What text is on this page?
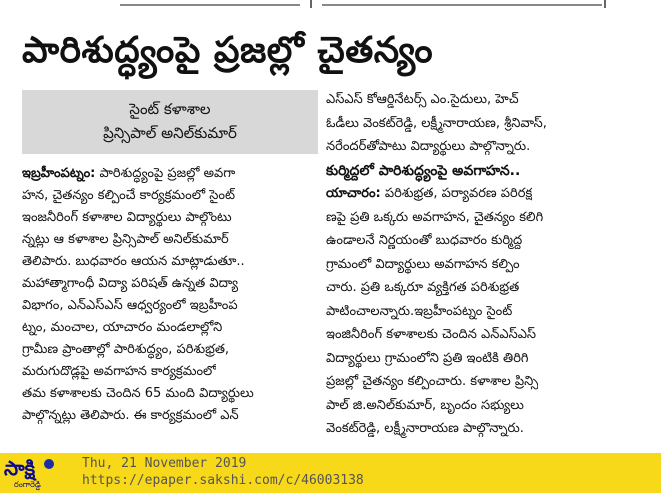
పారిశుద్ధ్యంపై ప్రజల్లో చైతన్యం
సైంట్ కళాశాల
ప్రిన్సిపాల్ అనిల్‌కుమార్
ఇబ్రహీంపట్నం: పారిశుద్ధ్యంపై ప్రజల్లో అవగా
హన, చైతన్యం కల్పించే కార్యక్రమంలో సైంట్
ఇంజనీరింగ్ కళాశాల విద్యార్థులు పాల్గొంటు
న్నట్లు ఆ కళాశాల ప్రిన్సిపాల్ అనిల్‌కుమార్
తెలిపారు. బుధవారం ఆయన మాట్లాడుతూ..
మహాత్మాగాంధీ విద్యా పరిషత్ ఉన్నత విద్యా
విభాగం, ఎన్‌ఎస్‌ఎస్ ఆధ్వర్యంలో ఇబ్రహీంప
ట్నం, మంచాల, యాచారం మండలాల్లోని
గ్రామీణ ప్రాంతాల్లో పారిశుద్ధ్యం, పరిశుభ్రత,
మరుగుదొడ్లపై అవగాహన కార్యక్రమంలో
తమ కళాశాలకు చెందిన 65 మంది విద్యార్థులు
పాల్గొన్నట్లు తెలిపారు. ఈ కార్యక్రమంలో ఎన్
ఎస్‌ఎస్ కోఆర్డినేటర్స్ ఎం.సైదులు, హెచ్
ఓడీలు వెంకట్‌రెడ్డి, లక్ష్మీనారాయణ, శ్రీనివాస్,
నరేందర్‌తోపాటు విద్యార్థులు పాల్గొన్నారు.
కుర్మిద్దలో పారిశుద్ధ్యంపై అవగాహన..
యాచారం: పరిశుభ్రత, పర్యావరణ పరిరక్ష
ణపై ప్రతి ఒక్కరు అవగాహన, చైతన్యం కలిగి
ఉండాలనే నిర్ణయంతో బుధవారం కుర్మిద్ద
గ్రామంలో విద్యార్థులు అవగాహన కల్పిం
చారు. ప్రతి ఒక్కరూ వ్యక్తిగత పరిశుభ్రత
పాటించాలన్నారు.ఇబ్రహీంపట్నం సైంట్
ఇంజినీరింగ్ కళాశాలకు చెందిన ఎన్‌ఎస్‌ఎస్
విద్యార్థులు గ్రామంలోని ప్రతి ఇంటికి తిరిగి
ప్రజల్లో చైతన్యం కల్పించారు. కళాశాల ప్రిన్సి
పాల్ జి.అనిల్‌కుమార్, బృందం సభ్యులు
వెంకట్‌రెడ్డి, లక్ష్మీనారాయణ పాల్గొన్నారు.
సాక్షి
రంగారెడ్డి
Thu, 21 November 2019
https://epaper.sakshi.com/c/46003138
